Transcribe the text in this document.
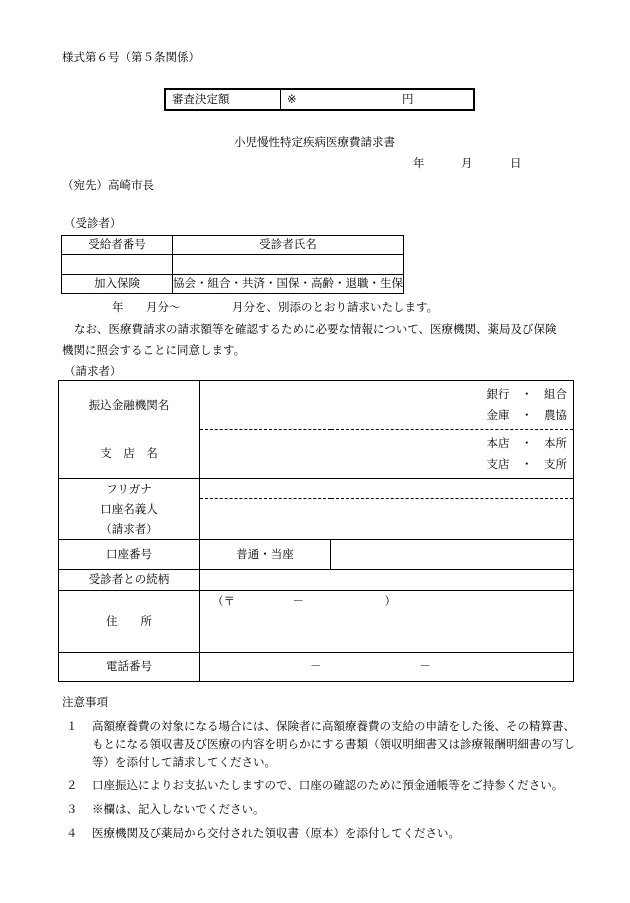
様式第６号（第５条関係）
審査決定額	※	円
小児慢性特定疾病医療費請求書
年	月	日
（宛先）高崎市長
（受診者）
受給者番号	受診者氏名

加入保険	協会・組合・共済・国保・高齢・退職・生保
年 月分～	月分を、別添のとおり請求いたします。
なお、医療費請求の請求額等を確認するために必要な情報について、医療機関、薬局及び保険
機関に照会することに同意します。
（請求者）
振込金融機関名	銀行　・　組合
金庫　・　農協	

支　店　名	本店　・　本所
支店　・　支所	

フリガナ
口座名義人
（請求者）		

口座番号	普通・当座	
受診者との続柄		
住　　所	（〒　　　　　－　　　　　　　）	
電話番号	－ －	
注意事項
１	高額療養費の対象になる場合には、保険者に高額療養費の支給の申請をした後、その精算書、もとになる領収書及び医療の内容を明らかにする書類（領収明細書又は診療報酬明細書の写し等）を添付して請求してください。
２	口座振込によりお支払いたしますので、口座の確認のために預金通帳等をご持参ください。
３	※欄は、記入しないでください。
４	医療機関及び薬局から交付された領収書（原本）を添付してください。
